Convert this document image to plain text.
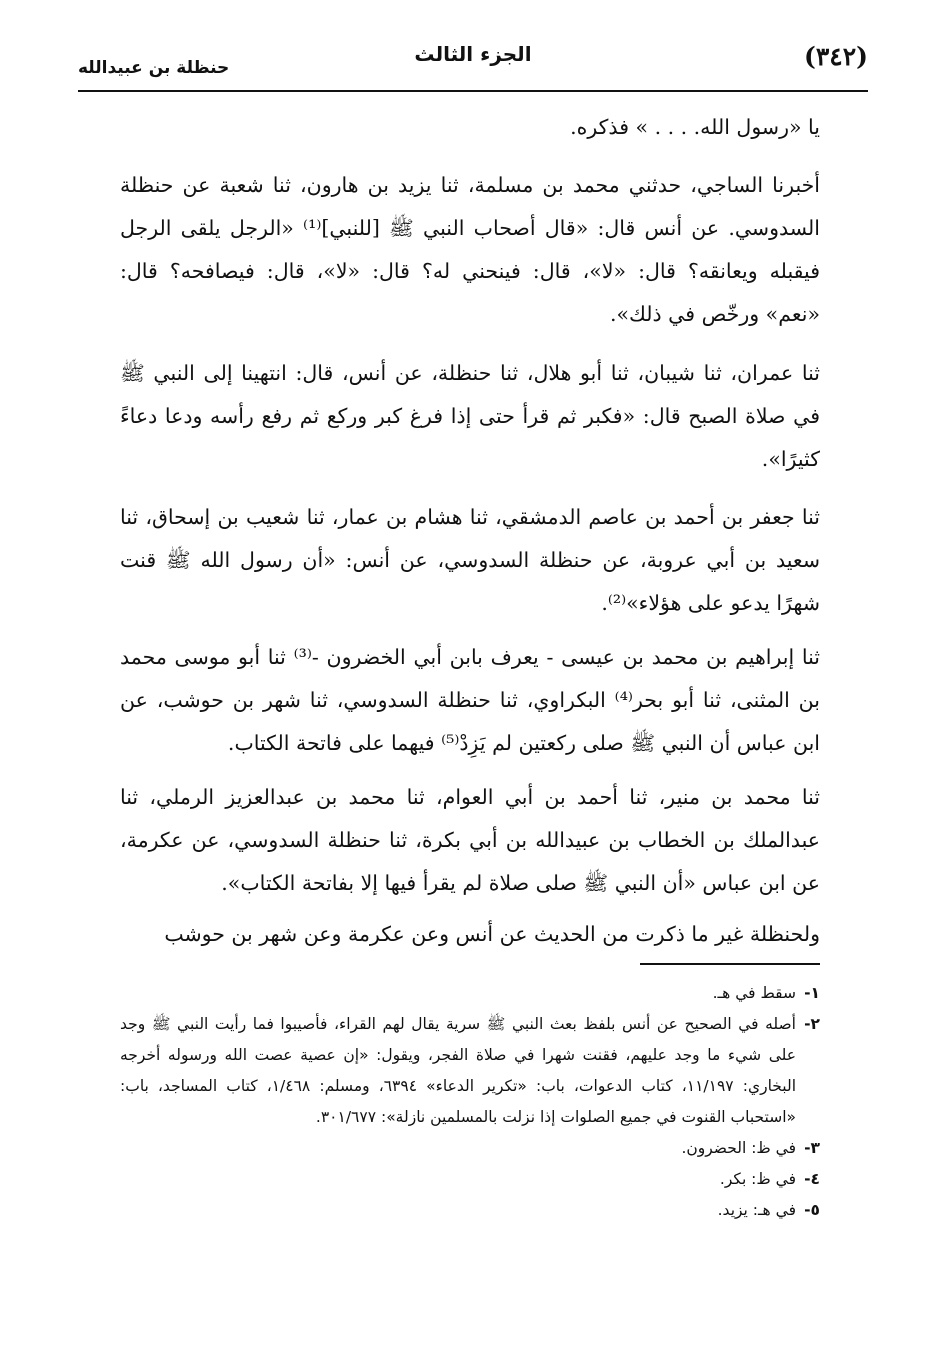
(٣٤٢)
الجزء الثالث
حنظلة بن عبيدالله
يا «رسول الله. . . . » فذكره.
أخبرنا الساجي، حدثني محمد بن مسلمة، ثنا يزيد بن هارون، ثنا شعبة عن حنظلة السدوسي. عن أنس قال: «قال أصحاب النبي ﷺ [للنبي]⁽¹⁾ «الرجل يلقى الرجل فيقبله ويعانقه؟ قال: «لا»، قال: فينحني له؟ قال: «لا»، قال: فيصافحه؟ قال: «نعم» ورخّص في ذلك».
ثنا عمران، ثنا شيبان، ثنا أبو هلال، ثنا حنظلة، عن أنس، قال: انتهينا إلى النبي ﷺ في صلاة الصبح قال: «فكبر ثم قرأ حتى إذا فرغ كبر وركع ثم رفع رأسه ودعا دعاءً كثيرًا».
ثنا جعفر بن أحمد بن عاصم الدمشقي، ثنا هشام بن عمار، ثنا شعيب بن إسحاق، ثنا سعيد بن أبي عروبة، عن حنظلة السدوسي، عن أنس: «أن رسول الله ﷺ قنت شهرًا يدعو على هؤلاء»⁽²⁾.
ثنا إبراهيم بن محمد بن عيسى - يعرف بابن أبي الخضرون -⁽³⁾ ثنا أبو موسى محمد بن المثنى، ثنا أبو بحر⁽⁴⁾ البكراوي، ثنا حنظلة السدوسي، ثنا شهر بن حوشب، عن ابن عباس أن النبي ﷺ صلى ركعتين لم يَزِدْ⁽⁵⁾ فيهما على فاتحة الكتاب.
ثنا محمد بن منير، ثنا أحمد بن أبي العوام، ثنا محمد بن عبدالعزيز الرملي، ثنا عبدالملك بن الخطاب بن عبيدالله بن أبي بكرة، ثنا حنظلة السدوسي، عن عكرمة، عن ابن عباس «أن النبي ﷺ صلى صلاة لم يقرأ فيها إلا بفاتحة الكتاب».
ولحنظلة غير ما ذكرت من الحديث عن أنس وعن عكرمة وعن شهر بن حوشب

١-
سقط في هـ.

٢-
أصله في الصحيح عن أنس بلفظ بعث النبي ﷺ سرية يقال لهم القراء، فأصيبوا فما رأيت النبي ﷺ وجد على شيء ما وجد عليهم، فقنت شهرا في صلاة الفجر، ويقول: «إن عصية عصت الله ورسوله أخرجه البخاري: ١١/١٩٧، كتاب الدعوات، باب: «تكرير الدعاء» ٦٣٩٤، ومسلم: ١/٤٦٨، كتاب المساجد، باب: «استحباب القنوت في جميع الصلوات إذا نزلت بالمسلمين نازلة»: ٣٠١/٦٧٧.

٣-
في ظ: الحضرون.

٤-
في ظ: بكر.

٥-
في هـ: يزيد.
